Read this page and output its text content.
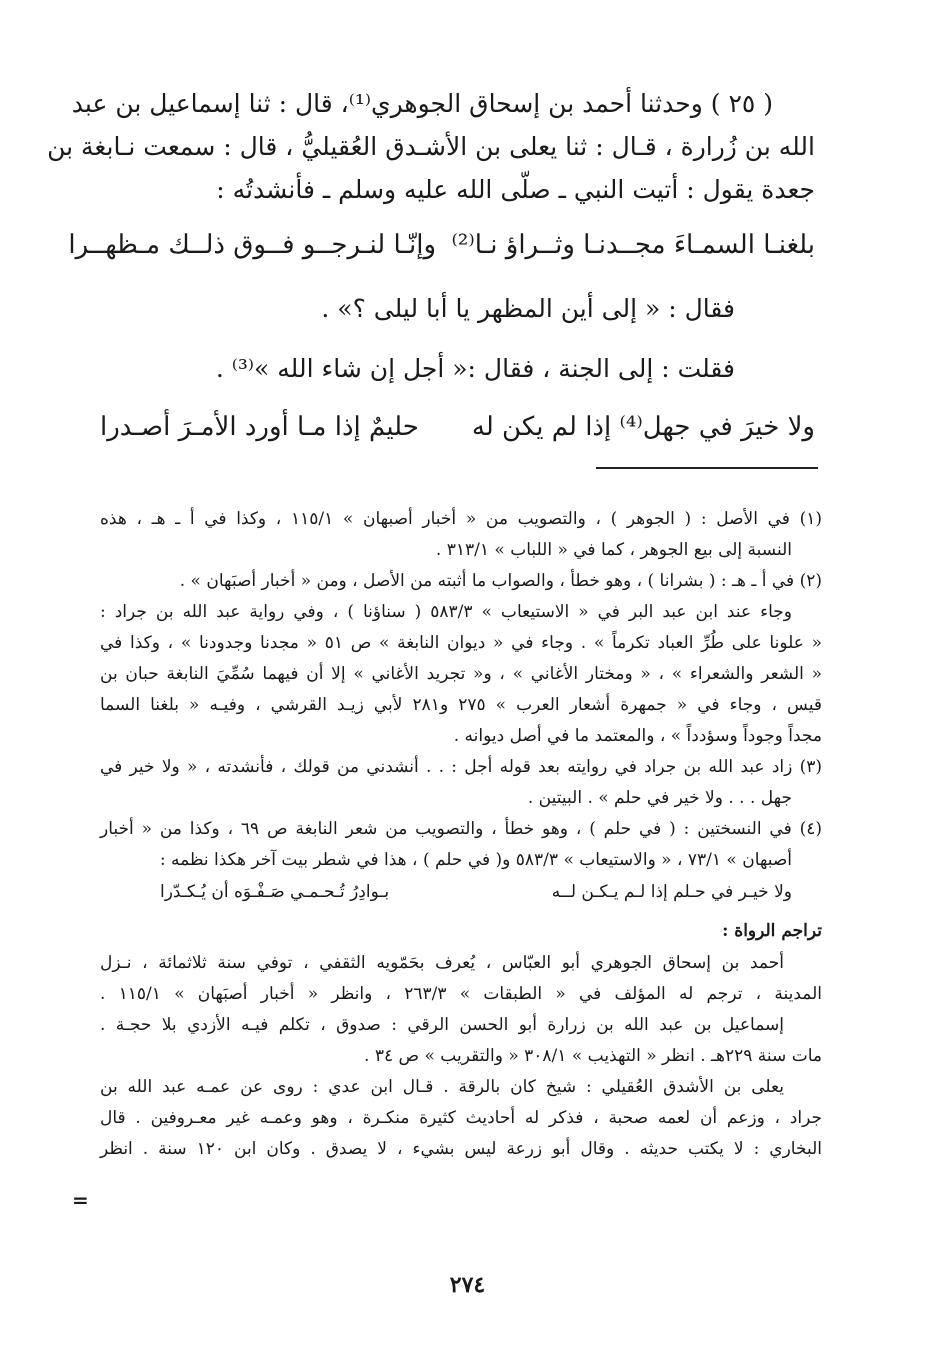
( ٢٥ ) وحدثنا أحمد بن إسحاق الجوهري⁽¹⁾، قال : ثنا إسماعيل بن عبد
الله بن زُرارة ، قـال : ثنا يعلى بن الأشـدق العُقيليُّ ، قال : سمعت نـابغة بن
جعدة يقول : أتيت النبي ـ صلّى الله عليه وسلم ـ فأنشدتُه :
بلغنـا السمـاءَ مجــدنـا وثــراؤ نـا⁽²⁾
وإنّـا لنـرجــو فــوق ذلــك مـظهــرا
فقال : « إلى أين المظهر يا أبا ليلى ؟» .
فقلت : إلى الجنة ، فقال :« أجل إن شاء الله »⁽³⁾ .
ولا خيرَ في جهل⁽⁴⁾ إذا لم يكن له
حليمٌ إذا مـا أورد الأمـرَ أصـدرا
(١) في الأصل : ( الجوهر ) ، والتصويب من « أخبار أصبهان » ١١٥/١ ، وكذا في أ ـ هـ ، هذه
النسبة إلى بيع الجوهر ، كما في « اللباب » ٣١٣/١ .
(٢) في أ ـ هـ : ( بشرانا ) ، وهو خطأ ، والصواب ما أثبته من الأصل ، ومن « أخبار أصبَهان » .
وجاء عند ابن عبد البر في « الاستيعاب » ٥٨٣/٣ ( سناؤنا ) ، وفي رواية عبد الله بن جراد :
« علونا على طُرِّ العباد تكرماً » . وجاء في « ديوان النابغة » ص ٥١ « مجدنا وجدودنا » ، وكذا في
« الشعر والشعراء » ، « ومختار الأغاني » ، و« تجريد الأغاني » إلا أن فيهما سُمِّيَ النابغة حبان بن
قيس ، وجاء في « جمهرة أشعار العرب » ٢٧٥ و٢٨١ لأبي زيـد القرشي ، وفيـه « بلغنا السما
مجداً وجوداً وسؤدداً » ، والمعتمد ما في أصل ديوانه .
(٣) زاد عبد الله بن جراد في روايته بعد قوله أجل : . . أنشدني من قولك ، فأنشدته ، « ولا خير في
جهل . . . ولا خير في حلم » . البيتين .
(٤) في النسختين : ( في حلم ) ، وهو خطأ ، والتصويب من شعر النابغة ص ٦٩ ، وكذا من « أخبار
أصبهان » ٧٣/١ ، « والاستيعاب » ٥٨٣/٣ و( في حلم ) ، هذا في شطر بيت آخر هكذا نظمه :
ولا خيـر في حـلم إذا لـم يـكـن لــه
بـوادِرُ تُـحـمـي صَـفْـوَه أن يُـكـدّرا
تراجم الرواة :
أحمد بن إسحاق الجوهري أبو العبّاس ، يُعرف بحَمّويه الثقفي ، توفي سنة ثلاثمائة ، نـزل
المدينة ، ترجم له المؤلف في « الطبقات » ٢٦٣/٣ ، وانظر « أخبار أصبَهان » ١١٥/١ .
إسماعيل بن عبد الله بن زرارة أبو الحسن الرقي : صدوق ، تكلم فيـه الأزدي بلا حجـة .
مات سنة ٢٢٩هـ . انظر « التهذيب » ٣٠٨/١ « والتقريب » ص ٣٤ .
يعلى بن الأشدق العُقيلي : شيخ كان بالرقة . قـال ابن عدي : روى عن عمـه عبد الله بن
جراد ، وزعم أن لعمه صحبة ، فذكر له أحاديث كثيرة منكـرة ، وهو وعمـه غير معـروفين . قال
البخاري : لا يكتب حديثه . وقال أبو زرعة ليس بشيء ، لا يصدق . وكان ابن ١٢٠ سنة . انظر
=
٢٧٤
